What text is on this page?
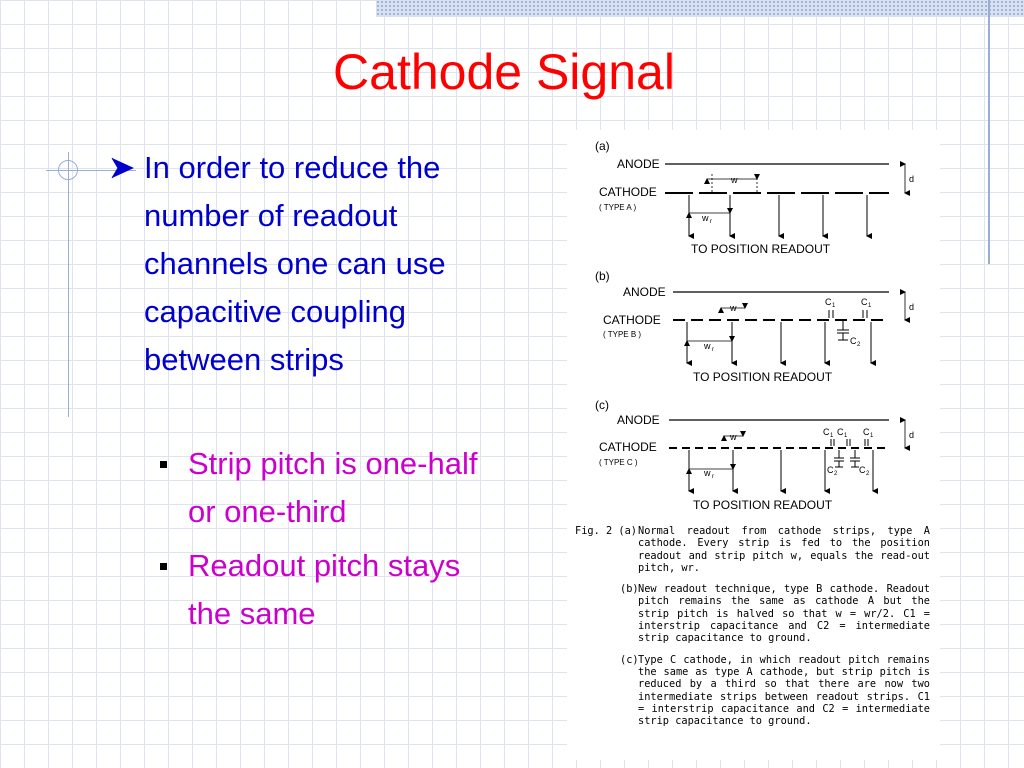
Cathode Signal
In order to reduce the number of readout channels one can use capacitive coupling between strips
Strip pitch is one-half or one-third
Readout pitch stays the same
(a)
ANODE
CATHODE
( TYPE A )
w
w r
d
TO POSITION READOUT
(b)
ANODE
CATHODE
( TYPE B )
w
w r
d
C 1	C 1
C 2
TO POSITION READOUT
(c)
ANODE
CATHODE
( TYPE C )
w
w r
d
C 1 C 1 C 1
C 2 C 2
TO POSITION READOUT
Fig. 2 (a) Normal readout from cathode strips, type A cathode. Every strip is fed to the position readout and strip pitch w, equals the read-out pitch, wr.
(b) New readout technique, type B cathode. Readout pitch remains the same as cathode A but the strip pitch is halved so that w = wr/2. C1 = interstrip capacitance and C2 = intermediate strip capacitance to ground.
(c) Type C cathode, in which readout pitch remains the same as type A cathode, but strip pitch is reduced by a third so that there are now two intermediate strips between readout strips. C1 = interstrip capacitance and C2 = intermediate strip capacitance to ground.
